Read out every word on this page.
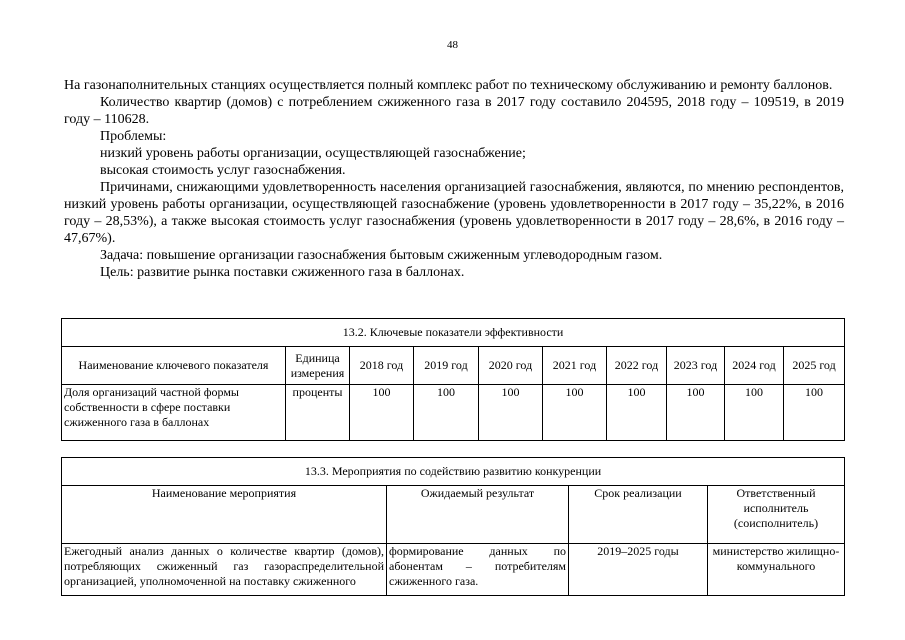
48

На газонаполнительных станциях осуществляется полный комплекс работ по техническому обслуживанию и ремонту баллонов.

Количество квартир (домов) с потреблением сжиженного газа в 2017 году составило 204595, 2018 году – 109519, в 2019 году – 110628.

Проблемы:

низкий уровень работы организации, осуществляющей газоснабжение;

высокая стоимость услуг газоснабжения.

Причинами, снижающими удовлетворенность населения организацией газоснабжения, являются, по мнению респондентов, низкий уровень работы организации, осуществляющей газоснабжение (уровень удовлетворенности в 2017 году – 35,22%, в 2016 году – 28,53%), а также высокая стоимость услуг газоснабжения (уровень удовлетворенности в 2017 году – 28,6%, в 2016 году – 47,67%).

Задача: повышение организации газоснабжения бытовым сжиженным углеводородным газом.

Цель: развитие рынка поставки сжиженного газа в баллонах.

13.2. Ключевые показатели эффективности									
Наименование ключевого показателя	Единица измерения	2018 год	2019 год	2020 год	2021 год	2022 год	2023 год	2024 год	2025 год
Доля организаций частной формы собственности в сфере поставки сжиженного газа в баллонах	проценты	100	100	100	100	100	100	100	100
13.3. Мероприятия по содействию развитию конкуренции			
Наименование мероприятия	Ожидаемый результат	Срок реализации	Ответственный исполнитель (соисполнитель)
Ежегодный анализ данных о количестве квартир (домов), потребляющих сжиженный газ газораспределительной организацией, уполномоченной на поставку сжиженного	формирование данных по абонентам – потребителям сжиженного газа.	2019–2025 годы	министерство жилищно-коммунального
